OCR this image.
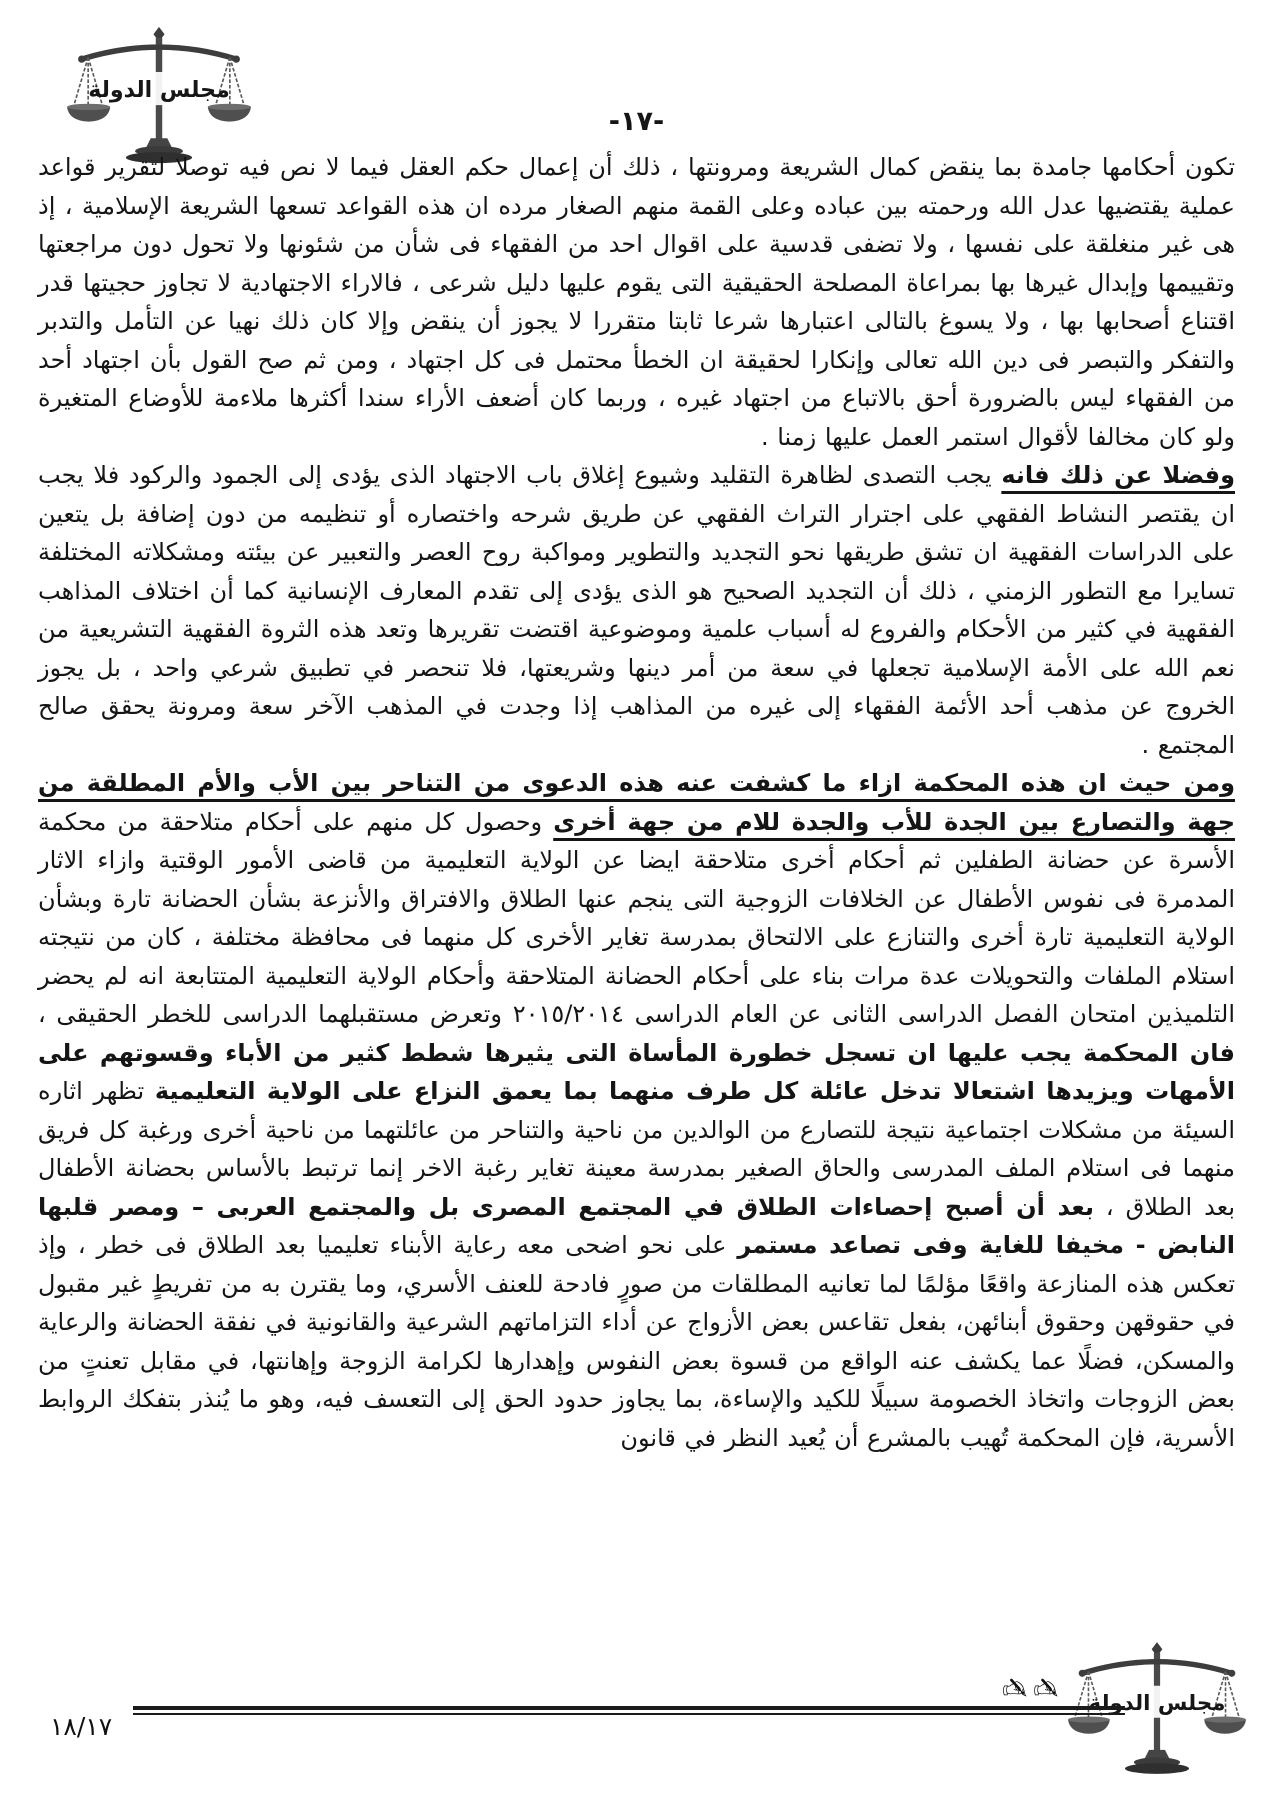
مجلس الدولة
-١٧-

تكون أحكامها جامدة بما ينقض كمال الشريعة ومرونتها ، ذلك أن إعمال حكم العقل فيما لا نص فيه توصلا لتقرير قواعد عملية يقتضيها عدل الله ورحمته بين عباده وعلى القمة منهم الصغار مرده ان هذه القواعد تسعها الشريعة الإسلامية ، إذ هى غير منغلقة على نفسها ، ولا تضفى قدسية على اقوال احد من الفقهاء فى شأن من شئونها ولا تحول دون مراجعتها وتقييمها وإبدال غيرها بها بمراعاة المصلحة الحقيقية التى يقوم عليها دليل شرعى ، فالاراء الاجتهادية لا تجاوز حجيتها قدر اقتناع أصحابها بها ، ولا يسوغ بالتالى اعتبارها شرعا ثابتا متقررا لا يجوز أن ينقض وإلا كان ذلك نهيا عن التأمل والتدبر والتفكر والتبصر فى دين الله تعالى وإنكارا لحقيقة ان الخطأ محتمل فى كل اجتهاد ، ومن ثم صح القول بأن اجتهاد أحد من الفقهاء ليس بالضرورة أحق بالاتباع من اجتهاد غيره ، وربما كان أضعف الأراء سندا أكثرها ملاءمة للأوضاع المتغيرة ولو كان مخالفا لأقوال استمر العمل عليها زمنا .

وفضلا عن ذلك فانه يجب التصدى لظاهرة التقليد وشيوع إغلاق باب الاجتهاد الذى يؤدى إلى الجمود والركود فلا يجب ان يقتصر النشاط الفقهي على اجترار التراث الفقهي عن طريق شرحه واختصاره أو تنظيمه من دون إضافة بل يتعين على الدراسات الفقهية ان تشق طريقها نحو التجديد والتطوير ومواكبة روح العصر والتعبير عن بيئته ومشكلاته المختلفة تسايرا مع التطور الزمني ، ذلك أن التجديد الصحيح هو الذى يؤدى إلى تقدم المعارف الإنسانية كما أن اختلاف المذاهب الفقهية في كثير من الأحكام والفروع له أسباب علمية وموضوعية اقتضت تقريرها وتعد هذه الثروة الفقهية التشريعية من نعم الله على الأمة الإسلامية تجعلها في سعة من أمر دينها وشريعتها، فلا تنحصر في تطبيق شرعي واحد ، بل يجوز الخروج عن مذهب أحد الأئمة الفقهاء إلى غيره من المذاهب إذا وجدت في المذهب الآخر سعة ومرونة يحقق صالح المجتمع .

ومن حيث ان هذه المحكمة ازاء ما كشفت عنه هذه الدعوى من التناحر بين الأب والأم المطلقة من جهة والتصارع بين الجدة للأب والجدة للام من جهة أخرى وحصول كل منهم على أحكام متلاحقة من محكمة الأسرة عن حضانة الطفلين ثم أحكام أخرى متلاحقة ايضا عن الولاية التعليمية من قاضى الأمور الوقتية وازاء الاثار المدمرة فى نفوس الأطفال عن الخلافات الزوجية التى ينجم عنها الطلاق والافتراق والأنزعة بشأن الحضانة تارة وبشأن الولاية التعليمية تارة أخرى والتنازع على الالتحاق بمدرسة تغاير الأخرى كل منهما فى محافظة مختلفة ، كان من نتيجته استلام الملفات والتحويلات عدة مرات بناء على أحكام الحضانة المتلاحقة وأحكام الولاية التعليمية المتتابعة انه لم يحضر التلميذين امتحان الفصل الدراسى الثانى عن العام الدراسى ٢٠١٥/٢٠١٤ وتعرض مستقبلهما الدراسى للخطر الحقيقى ، فان المحكمة يجب عليها ان تسجل خطورة المأساة التى يثيرها شطط كثير من الأباء وقسوتهم على الأمهات ويزيدها اشتعالا تدخل عائلة كل طرف منهما بما يعمق النزاع على الولاية التعليمية تظهر اثاره السيئة من مشكلات اجتماعية نتيجة للتصارع من الوالدين من ناحية والتناحر من عائلتهما من ناحية أخرى ورغبة كل فريق منهما فى استلام الملف المدرسى والحاق الصغير بمدرسة معينة تغاير رغبة الاخر إنما ترتبط بالأساس بحضانة الأطفال بعد الطلاق ، بعد أن أصبح إحصاءات الطلاق في المجتمع المصرى بل والمجتمع العربى – ومصر قلبها النابض - مخيفا للغاية وفى تصاعد مستمر على نحو اضحى معه رعاية الأبناء تعليميا بعد الطلاق فى خطر ، وإذ تعكس هذه المنازعة واقعًا مؤلمًا لما تعانيه المطلقات من صورٍ فادحة للعنف الأسري، وما يقترن به من تفريطٍ غير مقبول في حقوقهن وحقوق أبنائهن، بفعل تقاعس بعض الأزواج عن أداء التزاماتهم الشرعية والقانونية في نفقة الحضانة والرعاية والمسكن، فضلًا عما يكشف عنه الواقع من قسوة بعض النفوس وإهدارها لكرامة الزوجة وإهانتها، في مقابل تعنتٍ من بعض الزوجات واتخاذ الخصومة سبيلًا للكيد والإساءة، بما يجاوز حدود الحق إلى التعسف فيه، وهو ما يُنذر بتفكك الروابط الأسرية، فإن المحكمة تُهيب بالمشرع أن يُعيد النظر في قانون

✍✍ مجلس الدولة
١٨/١٧
